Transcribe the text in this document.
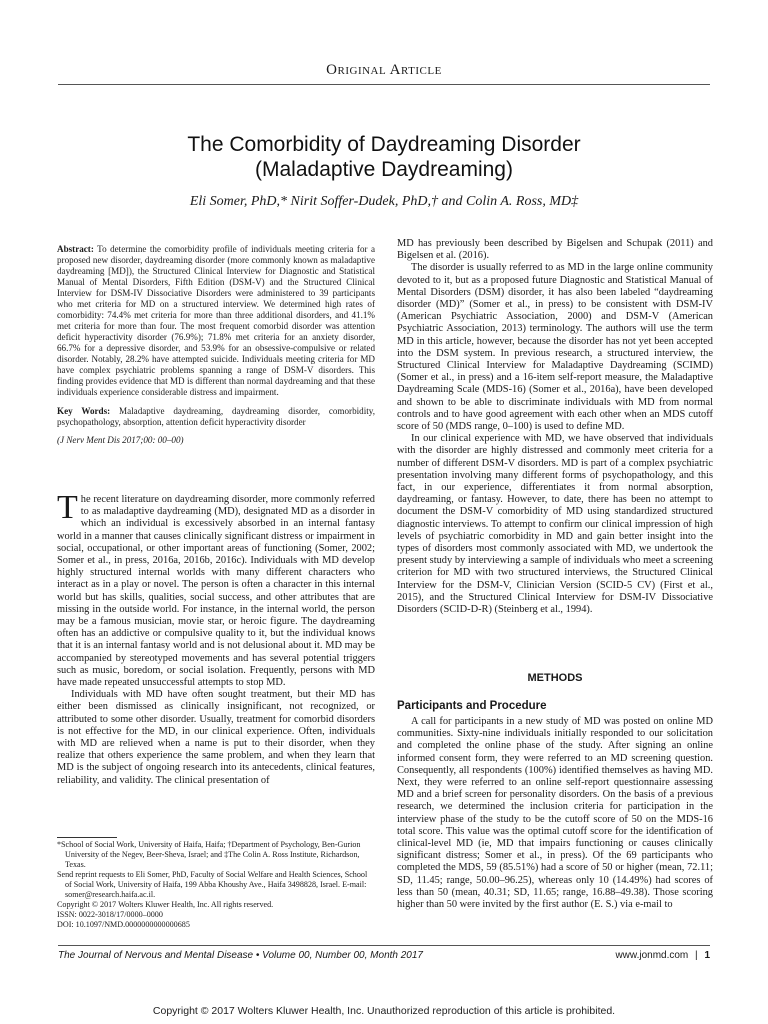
Original Article
The Comorbidity of Daydreaming Disorder
(Maladaptive Daydreaming)
Eli Somer, PhD,* Nirit Soffer-Dudek, PhD,† and Colin A. Ross, MD‡

Abstract: To determine the comorbidity profile of individuals meeting criteria for a proposed new disorder, daydreaming disorder (more commonly known as maladaptive daydreaming [MD]), the Structured Clinical Interview for Diagnostic and Statistical Manual of Mental Disorders, Fifth Edition (DSM-V) and the Structured Clinical Interview for DSM-IV Dissociative Disorders were administered to 39 participants who met criteria for MD on a structured interview. We determined high rates of comorbidity: 74.4% met criteria for more than three additional disorders, and 41.1% met criteria for more than four. The most frequent comorbid disorder was attention deficit hyperactivity disorder (76.9%); 71.8% met criteria for an anxiety disorder, 66.7% for a depressive disorder, and 53.9% for an obsessive-compulsive or related disorder. Notably, 28.2% have attempted suicide. Individuals meeting criteria for MD have complex psychiatric problems spanning a range of DSM-V disorders. This finding provides evidence that MD is different than normal daydreaming and that these individuals experience considerable distress and impairment.

Key Words: Maladaptive daydreaming, daydreaming disorder, comorbidity, psychopathology, absorption, attention deficit hyperactivity disorder

(J Nerv Ment Dis 2017;00: 00–00)

The recent literature on daydreaming disorder, more commonly referred to as maladaptive daydreaming (MD), designated MD as a disorder in which an individual is excessively absorbed in an internal fantasy world in a manner that causes clinically significant distress or impairment in social, occupational, or other important areas of functioning (Somer, 2002; Somer et al., in press, 2016a, 2016b, 2016c). Individuals with MD develop highly structured internal worlds with many different characters who interact as in a play or novel. The person is often a character in this internal world but has skills, qualities, social success, and other attributes that are missing in the outside world. For instance, in the internal world, the person may be a famous musician, movie star, or heroic figure. The daydreaming often has an addictive or compulsive quality to it, but the individual knows that it is an internal fantasy world and is not delusional about it. MD may be accompanied by stereotyped movements and has several potential triggers such as music, boredom, or social isolation. Frequently, persons with MD have made repeated unsuccessful attempts to stop MD.

Individuals with MD have often sought treatment, but their MD has either been dismissed as clinically insignificant, not recognized, or attributed to some other disorder. Usually, treatment for comorbid disorders is not effective for the MD, in our clinical experience. Often, individuals with MD are relieved when a name is put to their disorder, when they realize that others experience the same problem, and when they learn that MD is the subject of ongoing research into its antecedents, clinical features, reliability, and validity. The clinical presentation of

*School of Social Work, University of Haifa, Haifa; †Department of Psychology, Ben-Gurion University of the Negev, Beer-Sheva, Israel; and ‡The Colin A. Ross Institute, Richardson, Texas.
Send reprint requests to Eli Somer, PhD, Faculty of Social Welfare and Health Sciences, School of Social Work, University of Haifa, 199 Abba Khoushy Ave., Haifa 3498828, Israel. E-mail: somer@research.haifa.ac.il.
Copyright © 2017 Wolters Kluwer Health, Inc. All rights reserved.
ISSN: 0022-3018/17/0000–0000
DOI: 10.1097/NMD.0000000000000685

MD has previously been described by Bigelsen and Schupak (2011) and Bigelsen et al. (2016).

The disorder is usually referred to as MD in the large online community devoted to it, but as a proposed future Diagnostic and Statistical Manual of Mental Disorders (DSM) disorder, it has also been labeled “daydreaming disorder (MD)” (Somer et al., in press) to be consistent with DSM-IV (American Psychiatric Association, 2000) and DSM-V (American Psychiatric Association, 2013) terminology. The authors will use the term MD in this article, however, because the disorder has not yet been accepted into the DSM system. In previous research, a structured interview, the Structured Clinical Interview for Maladaptive Daydreaming (SCIMD) (Somer et al., in press) and a 16-item self-report measure, the Maladaptive Daydreaming Scale (MDS-16) (Somer et al., 2016a), have been developed and shown to be able to discriminate individuals with MD from normal controls and to have good agreement with each other when an MDS cutoff score of 50 (MDS range, 0–100) is used to define MD.

In our clinical experience with MD, we have observed that individuals with the disorder are highly distressed and commonly meet criteria for a number of different DSM-V disorders. MD is part of a complex psychiatric presentation involving many different forms of psychopathology, and this fact, in our experience, differentiates it from normal absorption, daydreaming, or fantasy. However, to date, there has been no attempt to document the DSM-V comorbidity of MD using standardized structured diagnostic interviews. To attempt to confirm our clinical impression of high levels of psychiatric comorbidity in MD and gain better insight into the types of disorders most commonly associated with MD, we undertook the present study by interviewing a sample of individuals who meet a screening criterion for MD with two structured interviews, the Structured Clinical Interview for the DSM-V, Clinician Version (SCID-5 CV) (First et al., 2015), and the Structured Clinical Interview for DSM-IV Dissociative Disorders (SCID-D-R) (Steinberg et al., 1994).

METHODS
Participants and Procedure

A call for participants in a new study of MD was posted on online MD communities. Sixty-nine individuals initially responded to our solicitation and completed the online phase of the study. After signing an online informed consent form, they were referred to an MD screening question. Consequently, all respondents (100%) identified themselves as having MD. Next, they were referred to an online self-report questionnaire assessing MD and a brief screen for personality disorders. On the basis of a previous research, we determined the inclusion criteria for participation in the interview phase of the study to be the cutoff score of 50 on the MDS-16 total score. This value was the optimal cutoff score for the identification of clinical-level MD (ie, MD that impairs functioning or causes clinically significant distress; Somer et al., in press). Of the 69 participants who completed the MDS, 59 (85.51%) had a score of 50 or higher (mean, 72.11; SD, 11.45; range, 50.00–96.25), whereas only 10 (14.49%) had scores of less than 50 (mean, 40.31; SD, 11.65; range, 16.88–49.38). Those scoring higher than 50 were invited by the first author (E. S.) via e-mail to

The Journal of Nervous and Mental Disease • Volume 00, Number 00, Month 2017	www.jonmd.com | 1
Copyright © 2017 Wolters Kluwer Health, Inc. Unauthorized reproduction of this article is prohibited.
